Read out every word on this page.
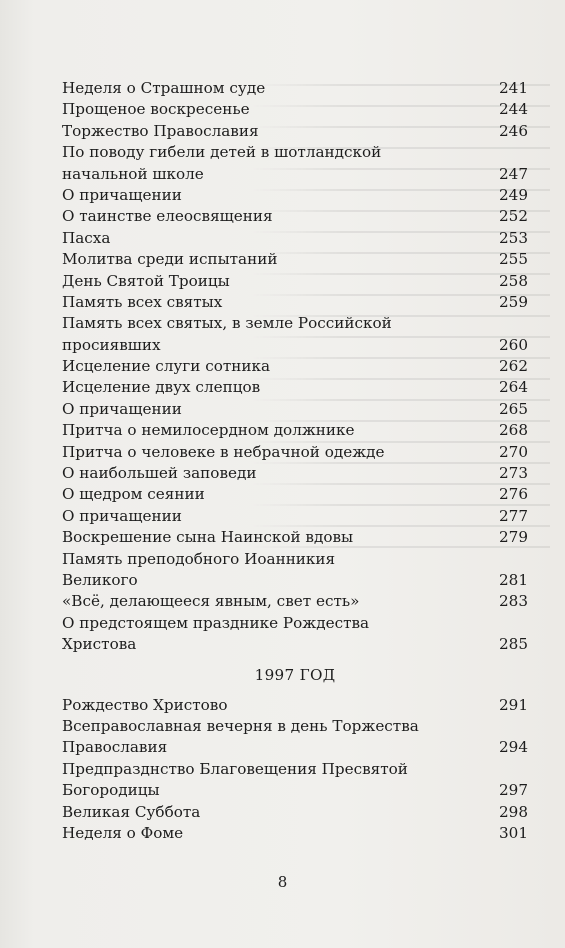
Неделя о Страшном суде	241
Прощеное воскресенье	244
Торжество Православия	246
По поводу гибели детей в шотландской
начальной школе	247
О причащении	249
О таинстве елеосвящения	252
Пасха	253
Молитва среди испытаний	255
День Святой Троицы	258
Память всех святых	259
Память всех святых, в земле Российской
просиявших	260
Исцеление слуги сотника	262
Исцеление двух слепцов	264
О причащении	265
Притча о немилосердном должнике	268
Притча о человеке в небрачной одежде	270
О наибольшей заповеди	273
О щедром сеянии	276
О причащении	277
Воскрешение сына Наинской вдовы	279
Память преподобного Иоанникия
Великого	281
«Всё, делающееся явным, свет есть»	283
О предстоящем празднике Рождества
Христова	285
1997 ГОД
Рождество Христово	291
Всеправославная вечерня в день Торжества
Православия	294
Предпразднство Благовещения Пресвятой
Богородицы	297
Великая Суббота	298
Неделя о Фоме	301
8
